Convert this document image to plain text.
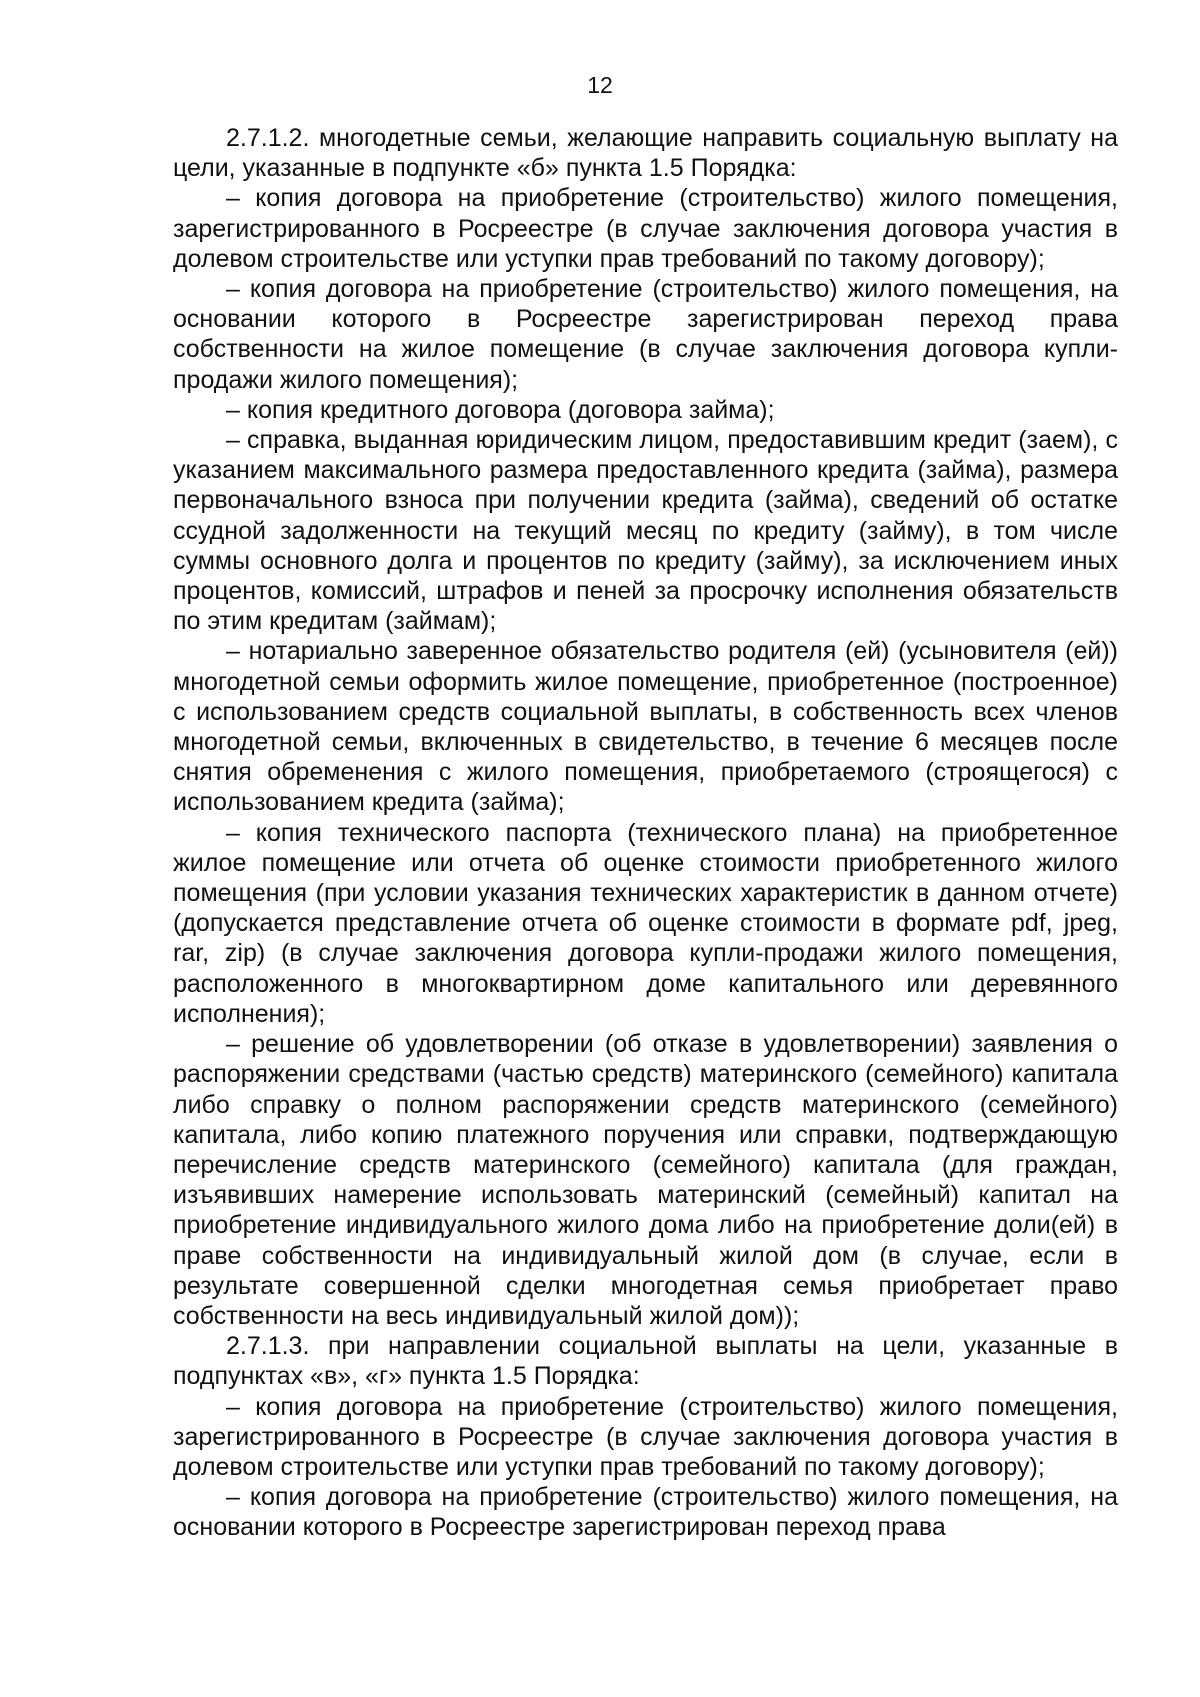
12

2.7.1.2. многодетные семьи, желающие направить социальную выплату на цели, указанные в подпункте «б» пункта 1.5 Порядка:

– копия договора на приобретение (строительство) жилого помещения, зарегистрированного в Росреестре (в случае заключения договора участия в долевом строительстве или уступки прав требований по такому договору);

– копия договора на приобретение (строительство) жилого помещения, на основании которого в Росреестре зарегистрирован переход права собственности на жилое помещение (в случае заключения договора купли-продажи жилого помещения);

– копия кредитного договора (договора займа);

– справка, выданная юридическим лицом, предоставившим кредит (заем), с указанием максимального размера предоставленного кредита (займа), размера первоначального взноса при получении кредита (займа), сведений об остатке ссудной задолженности на текущий месяц по кредиту (займу), в том числе суммы основного долга и процентов по кредиту (займу), за исключением иных процентов, комиссий, штрафов и пеней за просрочку исполнения обязательств по этим кредитам (займам);

– нотариально заверенное обязательство родителя (ей) (усыновителя (ей)) многодетной семьи оформить жилое помещение, приобретенное (построенное) с использованием средств социальной выплаты, в собственность всех членов многодетной семьи, включенных в свидетельство, в течение 6 месяцев после снятия обременения с жилого помещения, приобретаемого (строящегося) с использованием кредита (займа);

– копия технического паспорта (технического плана) на приобретенное жилое помещение или отчета об оценке стоимости приобретенного жилого помещения (при условии указания технических характеристик в данном отчете) (допускается представление отчета об оценке стоимости в формате pdf, jpeg, rar, zip) (в случае заключения договора купли-продажи жилого помещения, расположенного в многоквартирном доме капитального или деревянного исполнения);

– решение об удовлетворении (об отказе в удовлетворении) заявления о распоряжении средствами (частью средств) материнского (семейного) капитала либо справку о полном распоряжении средств материнского (семейного) капитала, либо копию платежного поручения или справки, подтверждающую перечисление средств материнского (семейного) капитала (для граждан, изъявивших намерение использовать материнский (семейный) капитал на приобретение индивидуального жилого дома либо на приобретение доли(ей) в праве собственности на индивидуальный жилой дом (в случае, если в результате совершенной сделки многодетная семья приобретает право собственности на весь индивидуальный жилой дом));

2.7.1.3. при направлении социальной выплаты на цели, указанные в подпунктах «в», «г» пункта 1.5 Порядка:

– копия договора на приобретение (строительство) жилого помещения, зарегистрированного в Росреестре (в случае заключения договора участия в долевом строительстве или уступки прав требований по такому договору);

– копия договора на приобретение (строительство) жилого помещения, на основании которого в Росреестре зарегистрирован переход права
